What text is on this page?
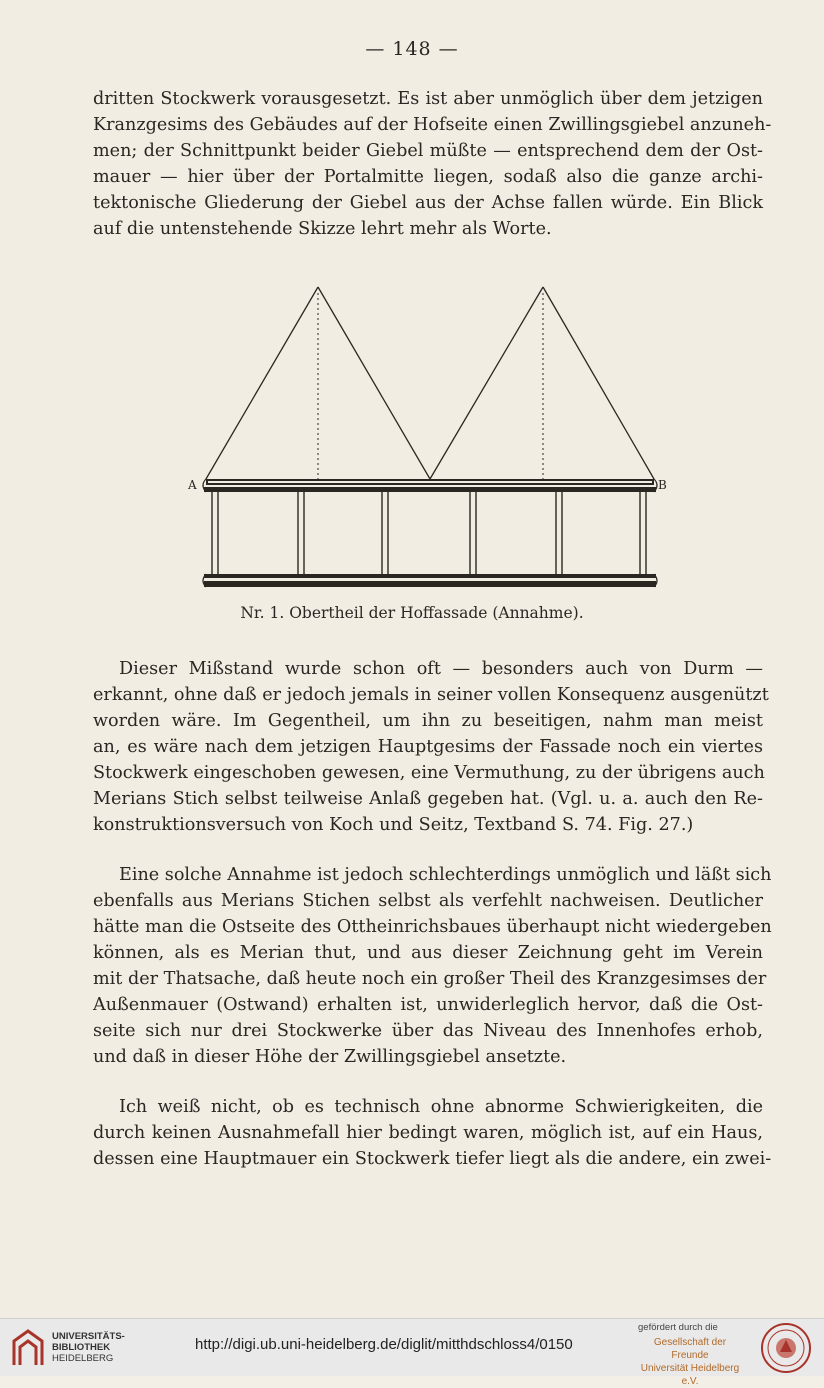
— 148 —
dritten Stockwerk vorausgesetzt. Es ist aber unmöglich über dem jetzigen
Kranzgesims des Gebäudes auf der Hofseite einen Zwillingsgiebel anzuneh-
men; der Schnittpunkt beider Giebel müßte — entsprechend dem der Ost-
mauer — hier über der Portalmitte liegen, sodaß also die ganze archi-
tektonische Gliederung der Giebel aus der Achse fallen würde. Ein Blick
auf die untenstehende Skizze lehrt mehr als Worte.
A	B
Nr. 1. Obertheil der Hoffassade (Annahme).
Dieser Mißstand wurde schon oft — besonders auch von Durm —
erkannt, ohne daß er jedoch jemals in seiner vollen Konsequenz ausgenützt
worden wäre. Im Gegentheil, um ihn zu beseitigen, nahm man meist
an, es wäre nach dem jetzigen Hauptgesims der Fassade noch ein viertes
Stockwerk eingeschoben gewesen, eine Vermuthung, zu der übrigens auch
Merians Stich selbst teilweise Anlaß gegeben hat. (Vgl. u. a. auch den Re-
konstruktionsversuch von Koch und Seitz, Textband S. 74. Fig. 27.)
Eine solche Annahme ist jedoch schlechterdings unmöglich und läßt sich
ebenfalls aus Merians Stichen selbst als verfehlt nachweisen. Deutlicher
hätte man die Ostseite des Ottheinrichsbaues überhaupt nicht wiedergeben
können, als es Merian thut, und aus dieser Zeichnung geht im Verein
mit der Thatsache, daß heute noch ein großer Theil des Kranzgesimses der
Außenmauer (Ostwand) erhalten ist, unwiderleglich hervor, daß die Ost-
seite sich nur drei Stockwerke über das Niveau des Innenhofes erhob,
und daß in dieser Höhe der Zwillingsgiebel ansetzte.
Ich weiß nicht, ob es technisch ohne abnorme Schwierigkeiten, die
durch keinen Ausnahmefall hier bedingt waren, möglich ist, auf ein Haus,
dessen eine Hauptmauer ein Stockwerk tiefer liegt als die andere, ein zwei-
UNIVERSITÄTS-
BIBLIOTHEK
HEIDELBERG
http://digi.ub.uni-heidelberg.de/diglit/mitthdschloss4/0150
gefördert durch die
Gesellschaft der Freunde
Universität Heidelberg e.V.
